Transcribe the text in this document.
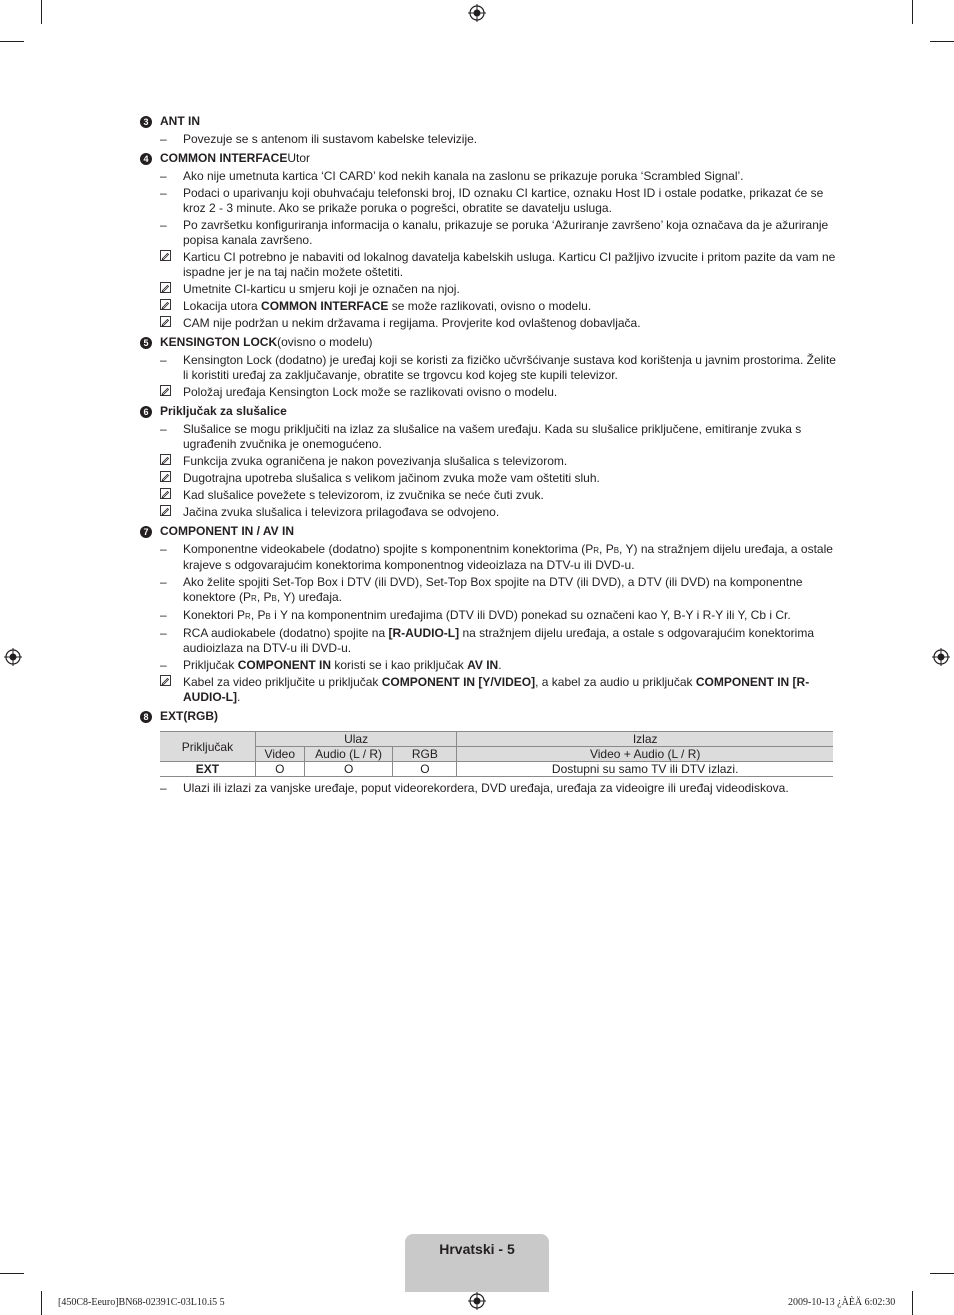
3 ANT IN
–	Povezuje se s antenom ili sustavom kabelske televizije.
4 COMMON INTERFACE Utor
–	Ako nije umetnuta kartica ‘CI CARD’ kod nekih kanala na zaslonu se prikazuje poruka ‘Scrambled Signal’.
–	Podaci o uparivanju koji obuhvaćaju telefonski broj, ID oznaku CI kartice, oznaku Host ID i ostale podatke, prikazat će se kroz 2 - 3 minute. Ako se prikaže poruka o pogrešci, obratite se davatelju usluga.
–	Po završetku konfiguriranja informacija o kanalu, prikazuje se poruka ‘Ažuriranje završeno’ koja označava da je ažuriranje popisa kanala završeno.
Karticu CI potrebno je nabaviti od lokalnog davatelja kabelskih usluga. Karticu CI pažljivo izvucite i pritom pazite da vam ne ispadne jer je na taj način možete oštetiti.
Umetnite CI-karticu u smjeru koji je označen na njoj.
Lokacija utora COMMON INTERFACE se može razlikovati, ovisno o modelu.
CAM nije podržan u nekim državama i regijama. Provjerite kod ovlaštenog dobavljača.
5 KENSINGTON LOCK (ovisno o modelu)
–	Kensington Lock (dodatno) je uređaj koji se koristi za fizičko učvršćivanje sustava kod korištenja u javnim prostorima. Želite li koristiti uređaj za zaključavanje, obratite se trgovcu kod kojeg ste kupili televizor.
Položaj uređaja Kensington Lock može se razlikovati ovisno o modelu.
6 Priključak za slušalice
–	Slušalice se mogu priključiti na izlaz za slušalice na vašem uređaju. Kada su slušalice priključene, emitiranje zvuka s ugrađenih zvučnika je onemogućeno.
Funkcija zvuka ograničena je nakon povezivanja slušalica s televizorom.
Dugotrajna upotreba slušalica s velikom jačinom zvuka može vam oštetiti sluh.
Kad slušalice povežete s televizorom, iz zvučnika se neće čuti zvuk.
Jačina zvuka slušalica i televizora prilagođava se odvojeno.
7 COMPONENT IN / AV IN
–	Komponentne videokabele (dodatno) spojite s komponentnim konektorima (PR, PB, Y) na stražnjem dijelu uređaja, a ostale krajeve s odgovarajućim konektorima komponentnog videoizlaza na DTV-u ili DVD-u.
–	Ako želite spojiti Set-Top Box i DTV (ili DVD), Set-Top Box spojite na DTV (ili DVD), a DTV (ili DVD) na komponentne konektore (PR, PB, Y) uređaja.
–	Konektori PR, PB i Y na komponentnim uređajima (DTV ili DVD) ponekad su označeni kao Y, B-Y i R-Y ili Y, Cb i Cr.
–	RCA audiokabele (dodatno) spojite na [R-AUDIO-L] na stražnjem dijelu uređaja, a ostale s odgovarajućim konektorima audioizlaza na DTV-u ili DVD-u.
–	Priključak COMPONENT IN koristi se i kao priključak AV IN.
Kabel za video priključite u priključak COMPONENT IN [Y/VIDEO], a kabel za audio u priključak COMPONENT IN [R-AUDIO-L].
8 EXT(RGB)
Priključak	Ulaz			Izlaz
	Video	Audio (L / R)	RGB	Video + Audio (L / R)
EXT	O	O	O	Dostupni su samo TV ili DTV izlazi.
–	Ulazi ili izlazi za vanjske uređaje, poput videorekordera, DVD uređaja, uređaja za videoigre ili uređaj videodiskova.
Hrvatski - 5
[450C8-Eeuro]BN68-02391C-03L10.i5 5	2009-10-13 ¿ÀÈÄ 6:02:30
